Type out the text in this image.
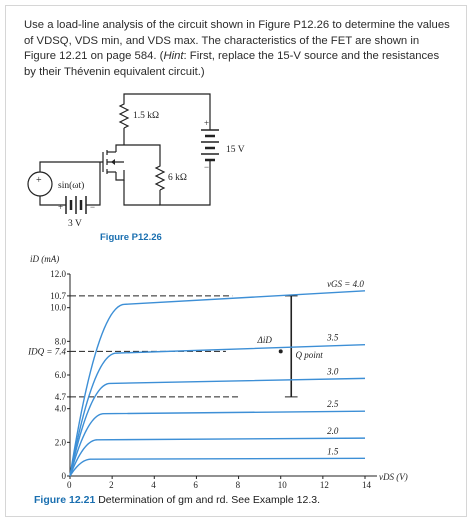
Use a load-line analysis of the circuit shown in Figure P12.26 to determine the values of VDSQ, VDS min, and VDS max. The characteristics of the FET are shown in Figure 12.21 on page 584. (Hint: First, replace the 15-V source and the resistances by their Thévenin equivalent circuit.)
1.5 kΩ
6 kΩ
15 V
sin(ωt)
3 V
+
+	−
+
−
Figure P12.26
0	2	4	6	8	10	12	14
0
2.0
4.0
4.7
6.0
8.0
10.0
10.7
12.0
IDQ = 7.4
iD (mA)
vDS (V)
vGS = 4.0
3.5
3.0
2.5
2.0
1.5
ΔiD
Q point
Figure 12.21 Determination of gm and rd. See Example 12.3.
